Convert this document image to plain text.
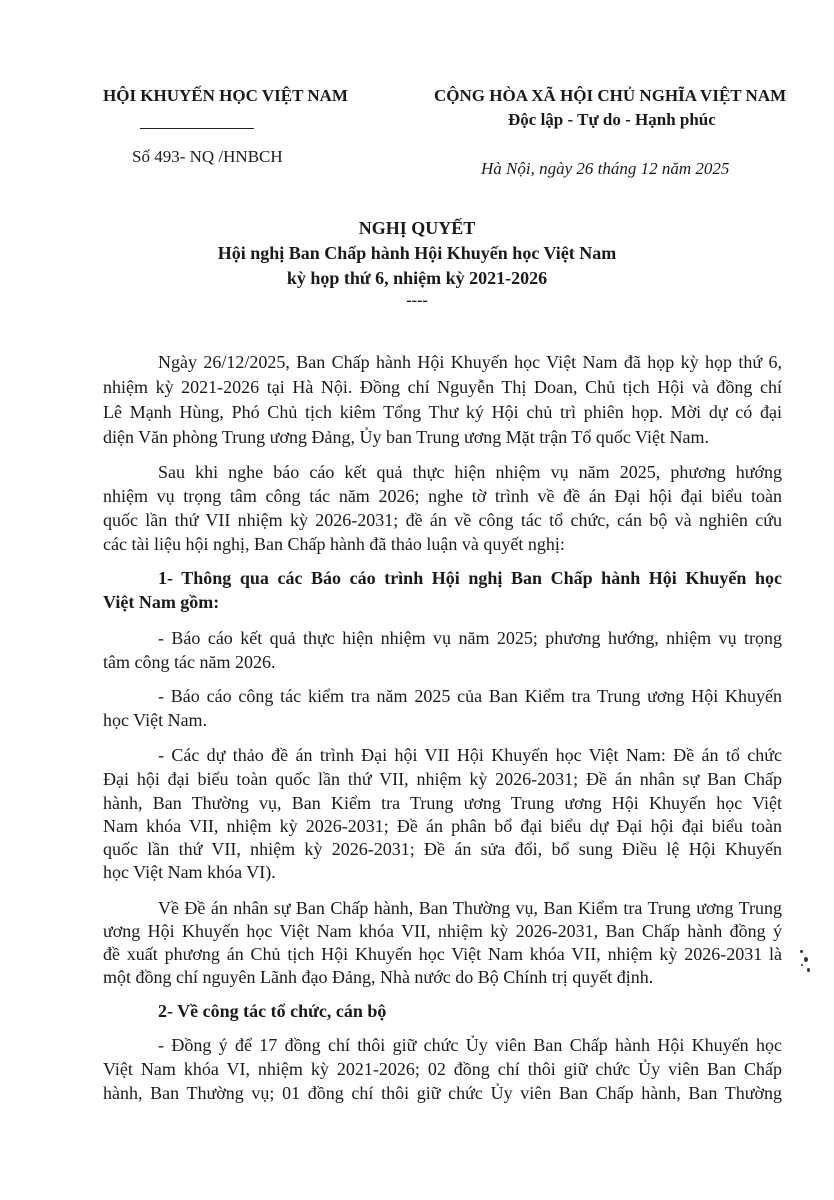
HỘI KHUYẾN HỌC VIỆT NAM
Số 493- NQ /HNBCH
CỘNG HÒA XÃ HỘI CHỦ NGHĨA VIỆT NAM
Độc lập - Tự do - Hạnh phúc
Hà Nội, ngày 26 tháng 12 năm 2025
NGHỊ QUYẾT
Hội nghị Ban Chấp hành Hội Khuyến học Việt Nam
kỳ họp thứ 6, nhiệm kỳ 2021-2026
----
Ngày 26/12/2025, Ban Chấp hành Hội Khuyến học Việt Nam đã họp kỳ họp thứ 6,
nhiệm kỳ 2021-2026 tại Hà Nội. Đồng chí Nguyễn Thị Doan, Chủ tịch Hội và đồng chí
Lê Mạnh Hùng, Phó Chủ tịch kiêm Tổng Thư ký Hội chủ trì phiên họp. Mời dự có đại
diện Văn phòng Trung ương Đảng, Ủy ban Trung ương Mặt trận Tổ quốc Việt Nam.
Sau khi nghe báo cáo kết quả thực hiện nhiệm vụ năm 2025, phương hướng
nhiệm vụ trọng tâm công tác năm 2026; nghe tờ trình về đề án Đại hội đại biểu toàn
quốc lần thứ VII nhiệm kỳ 2026-2031; đề án về công tác tổ chức, cán bộ và nghiên cứu
các tài liệu hội nghị, Ban Chấp hành đã thảo luận và quyết nghị:
1- Thông qua các Báo cáo trình Hội nghị Ban Chấp hành Hội Khuyến học
Việt Nam gồm:
- Báo cáo kết quả thực hiện nhiệm vụ năm 2025; phương hướng, nhiệm vụ trọng
tâm công tác năm 2026.
- Báo cáo công tác kiểm tra năm 2025 của Ban Kiểm tra Trung ương Hội Khuyến
học Việt Nam.
- Các dự thảo đề án trình Đại hội VII Hội Khuyến học Việt Nam: Đề án tổ chức
Đại hội đại biểu toàn quốc lần thứ VII, nhiệm kỳ 2026-2031; Đề án nhân sự Ban Chấp
hành, Ban Thường vụ, Ban Kiểm tra Trung ương Trung ương Hội Khuyến học Việt
Nam khóa VII, nhiệm kỳ 2026-2031; Đề án phân bổ đại biểu dự Đại hội đại biểu toàn
quốc lần thứ VII, nhiệm kỳ 2026-2031; Đề án sửa đổi, bổ sung Điều lệ Hội Khuyến
học Việt Nam khóa VI).
Về Đề án nhân sự Ban Chấp hành, Ban Thường vụ, Ban Kiểm tra Trung ương Trung
ương Hội Khuyến học Việt Nam khóa VII, nhiệm kỳ 2026-2031, Ban Chấp hành đồng ý
đề xuất phương án Chủ tịch Hội Khuyến học Việt Nam khóa VII, nhiệm kỳ 2026-2031 là
một đồng chí nguyên Lãnh đạo Đảng, Nhà nước do Bộ Chính trị quyết định.
2- Về công tác tổ chức, cán bộ
- Đồng ý để 17 đồng chí thôi giữ chức Ủy viên Ban Chấp hành Hội Khuyến học
Việt Nam khóa VI, nhiệm kỳ 2021-2026; 02 đồng chí thôi giữ chức Ủy viên Ban Chấp
hành, Ban Thường vụ; 01 đồng chí thôi giữ chức Ủy viên Ban Chấp hành, Ban Thường
